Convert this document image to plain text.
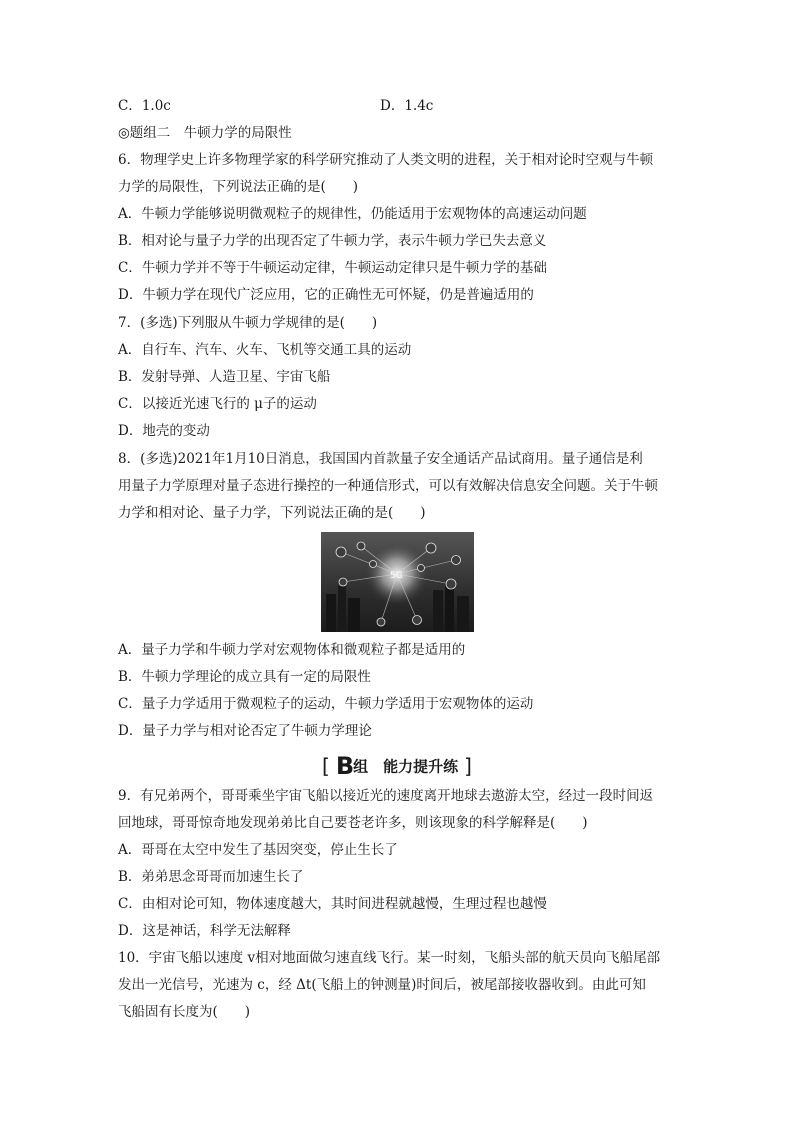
C．1.0c	D．1.4c
◎题组二　牛顿力学的局限性
6．物理学史上许多物理学家的科学研究推动了人类文明的进程，关于相对论时空观与牛顿
力学的局限性，下列说法正确的是(　　)
A．牛顿力学能够说明微观粒子的规律性，仍能适用于宏观物体的高速运动问题
B．相对论与量子力学的出现否定了牛顿力学，表示牛顿力学已失去意义
C．牛顿力学并不等于牛顿运动定律，牛顿运动定律只是牛顿力学的基础
D．牛顿力学在现代广泛应用，它的正确性无可怀疑，仍是普遍适用的
7．(多选)下列服从牛顿力学规律的是(　　)
A．自行车、汽车、火车、飞机等交通工具的运动
B．发射导弹、人造卫星、宇宙飞船
C．以接近光速飞行的 μ子的运动
D．地壳的变动
8．(多选)2021年1月10日消息，我国国内首款量子安全通话产品试商用。量子通信是利
用量子力学原理对量子态进行操控的一种通信形式，可以有效解决信息安全问题。关于牛顿
力学和相对论、量子力学，下列说法正确的是(　　)
5G
A．量子力学和牛顿力学对宏观物体和微观粒子都是适用的
B．牛顿力学理论的成立具有一定的局限性
C．量子力学适用于微观粒子的运动，牛顿力学适用于宏观物体的运动
D．量子力学与相对论否定了牛顿力学理论
[ B组　能力提升练 ]
9．有兄弟两个，哥哥乘坐宇宙飞船以接近光的速度离开地球去遨游太空，经过一段时间返
回地球，哥哥惊奇地发现弟弟比自己要苍老许多，则该现象的科学解释是(　　)
A．哥哥在太空中发生了基因突变，停止生长了
B．弟弟思念哥哥而加速生长了
C．由相对论可知，物体速度越大，其时间进程就越慢，生理过程也越慢
D．这是神话，科学无法解释
10．宇宙飞船以速度 v相对地面做匀速直线飞行。某一时刻，飞船头部的航天员向飞船尾部
发出一光信号，光速为 c，经 Δt(飞船上的钟测量)时间后，被尾部接收器收到。由此可知
飞船固有长度为(　　)
